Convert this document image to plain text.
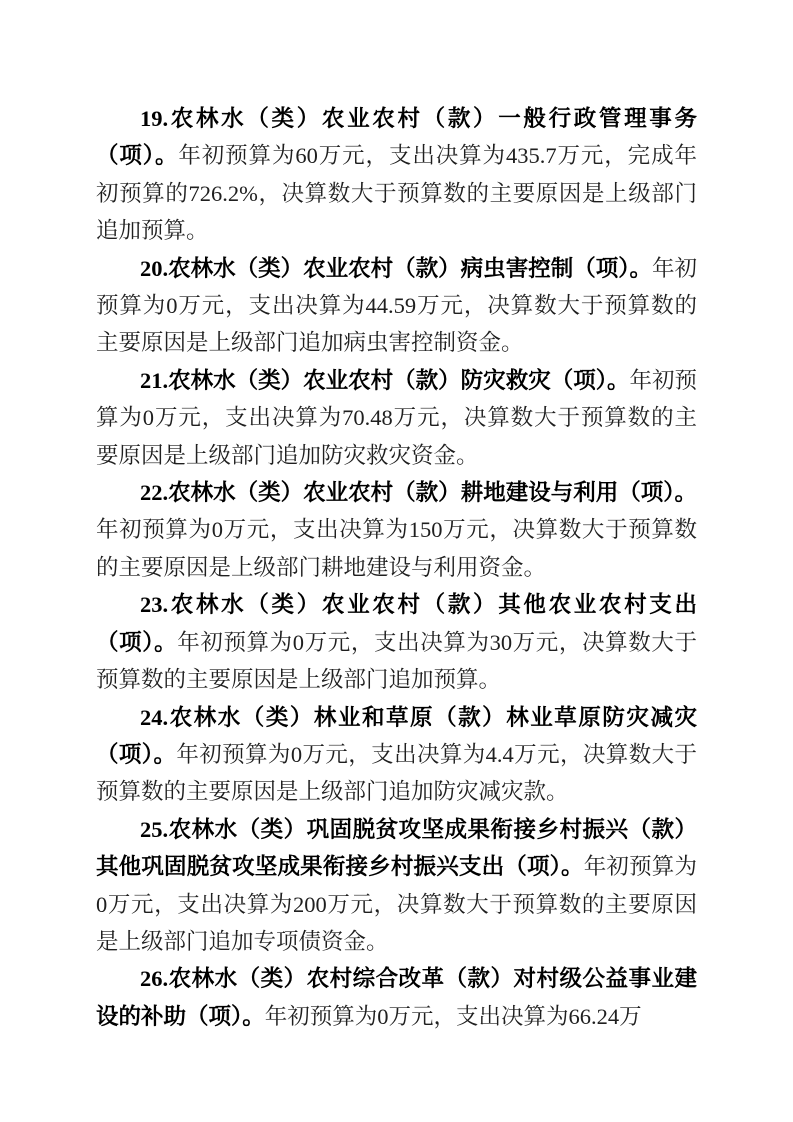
19.农林水（类）农业农村（款）一般行政管理事务（项）。年初预算为60万元，支出决算为435.7万元，完成年初预算的726.2%，决算数大于预算数的主要原因是上级部门追加预算。

20.农林水（类）农业农村（款）病虫害控制（项）。年初预算为0万元，支出决算为44.59万元，决算数大于预算数的主要原因是上级部门追加病虫害控制资金。

21.农林水（类）农业农村（款）防灾救灾（项）。年初预算为0万元，支出决算为70.48万元，决算数大于预算数的主要原因是上级部门追加防灾救灾资金。

22.农林水（类）农业农村（款）耕地建设与利用（项）。年初预算为0万元，支出决算为150万元，决算数大于预算数的主要原因是上级部门耕地建设与利用资金。

23.农林水（类）农业农村（款）其他农业农村支出（项）。年初预算为0万元，支出决算为30万元，决算数大于预算数的主要原因是上级部门追加预算。

24.农林水（类）林业和草原（款）林业草原防灾减灾（项）。年初预算为0万元，支出决算为4.4万元，决算数大于预算数的主要原因是上级部门追加防灾减灾款。

25.农林水（类）巩固脱贫攻坚成果衔接乡村振兴（款）其他巩固脱贫攻坚成果衔接乡村振兴支出（项）。年初预算为0万元，支出决算为200万元，决算数大于预算数的主要原因是上级部门追加专项债资金。

26.农林水（类）农村综合改革（款）对村级公益事业建设的补助（项）。年初预算为0万元，支出决算为66.24万
